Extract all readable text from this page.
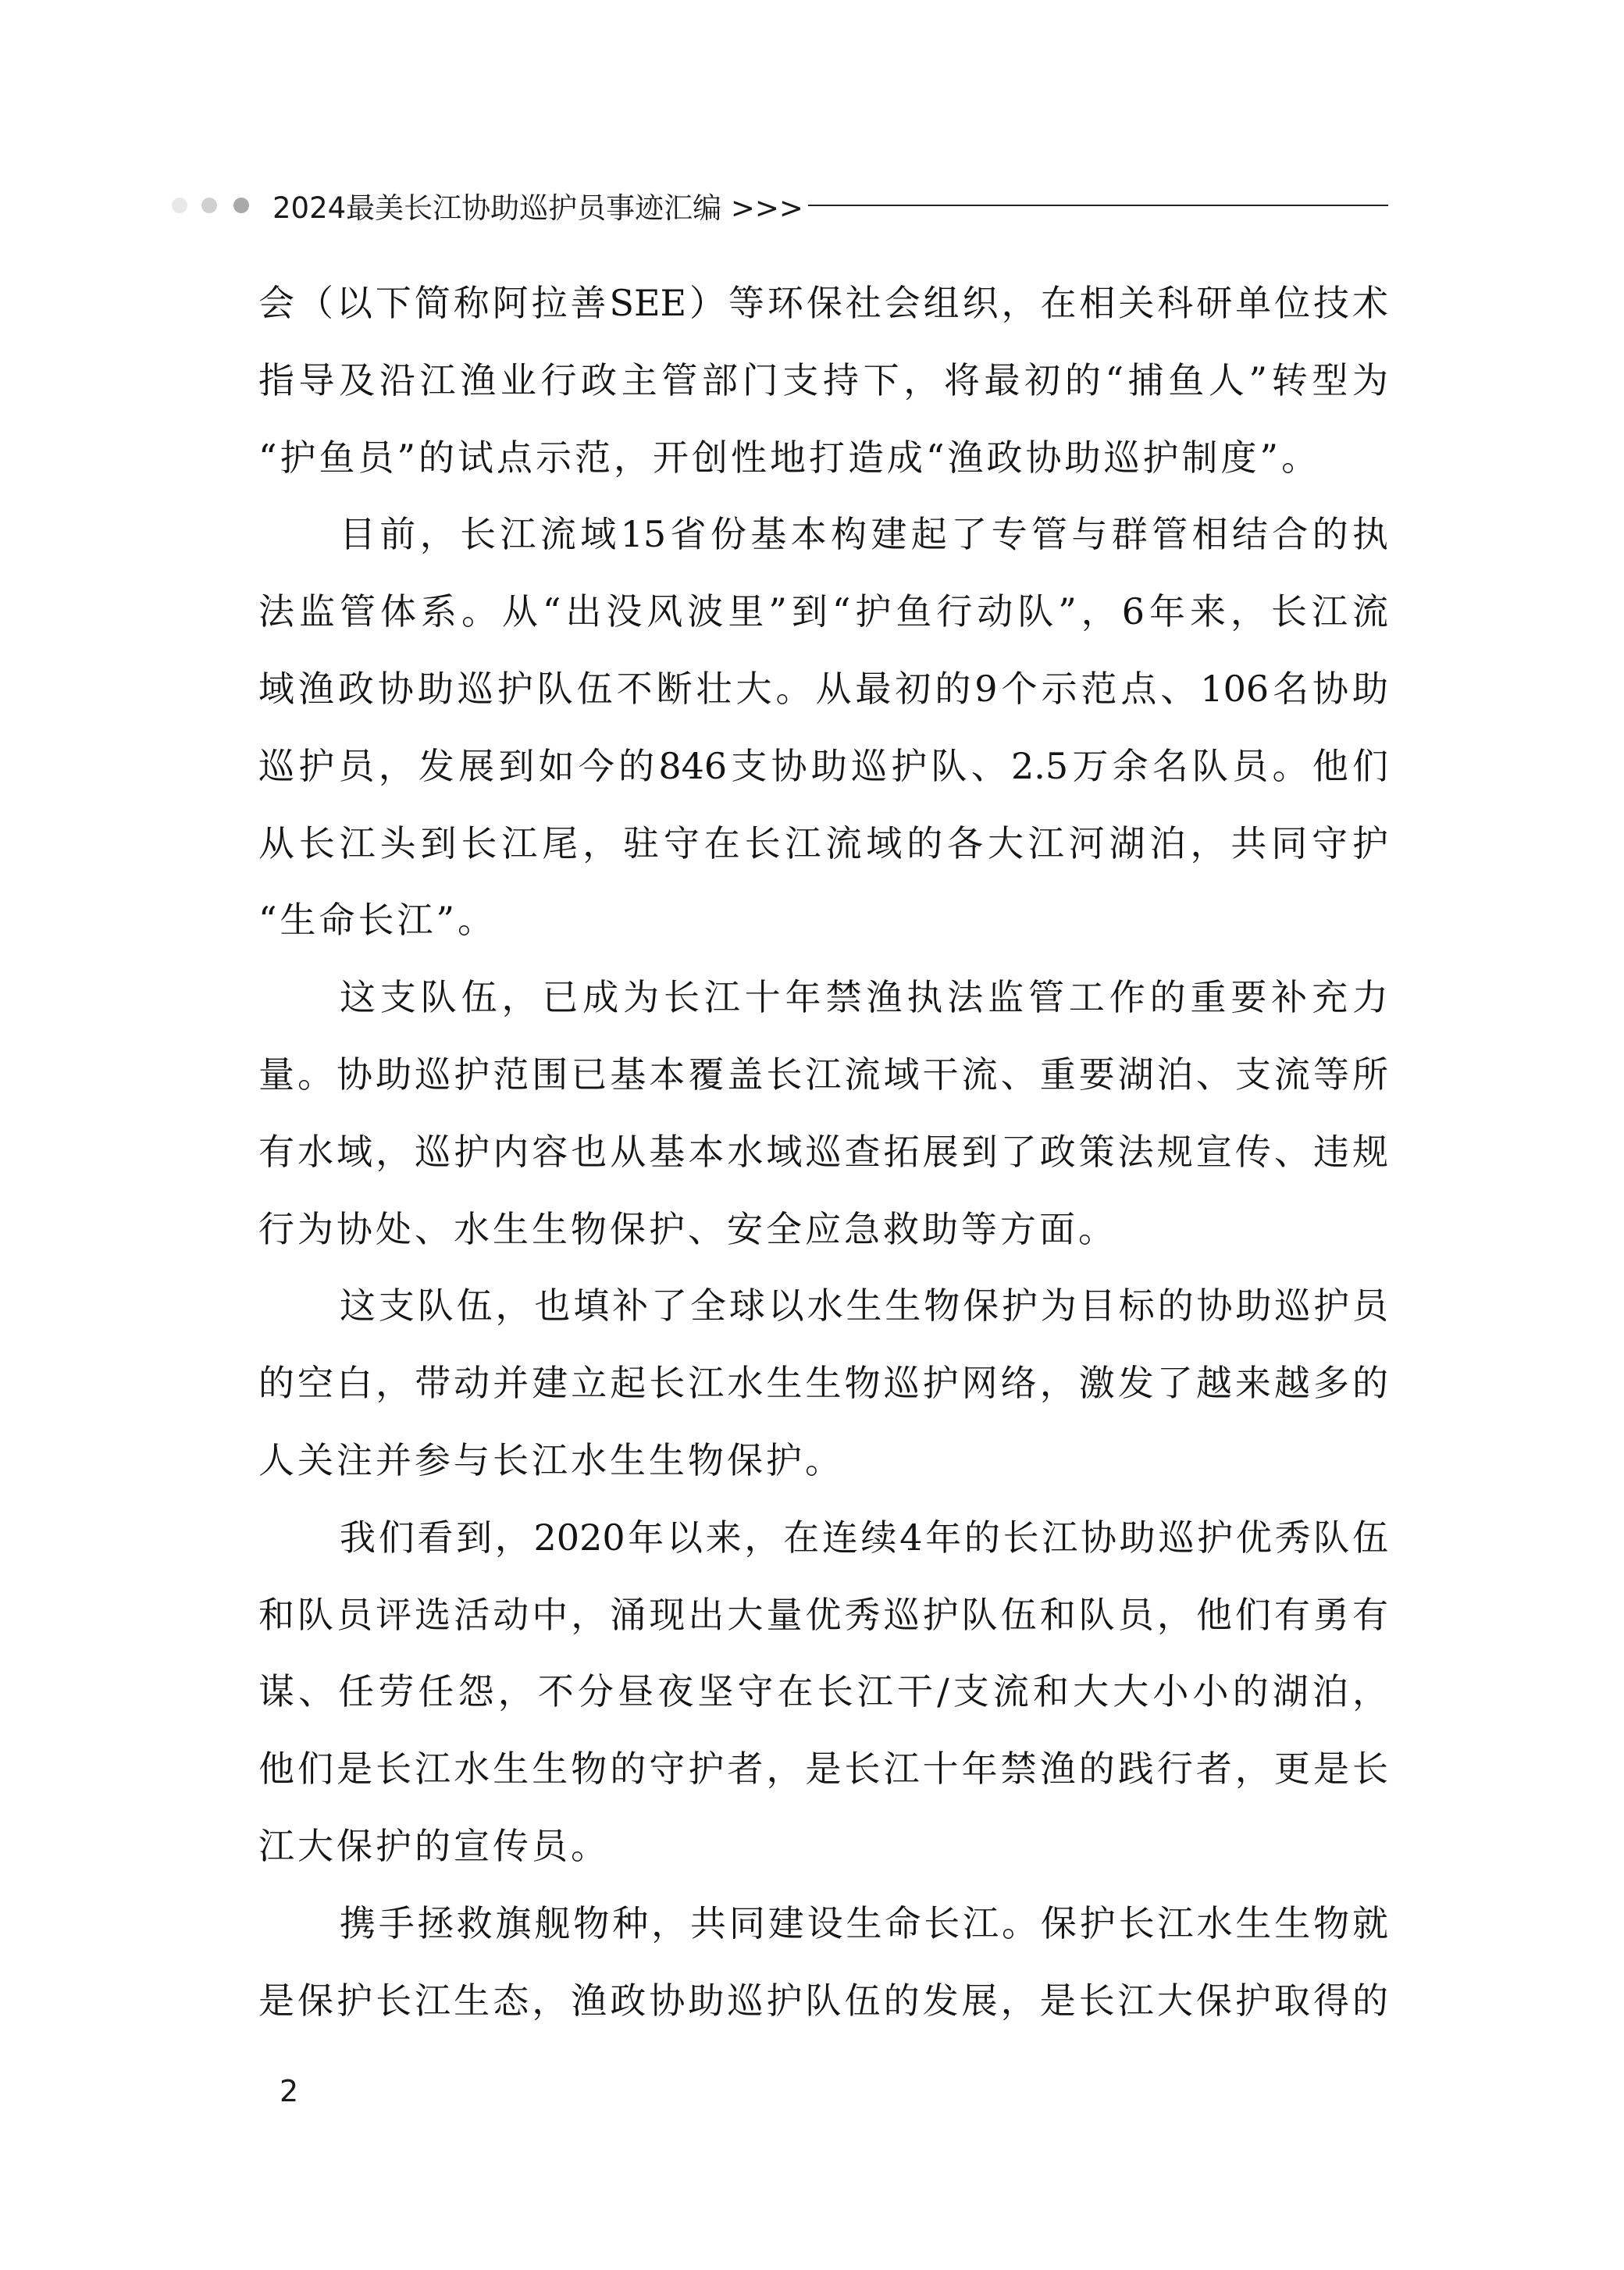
2024最美长江协助巡护员事迹汇编 >>>
会（以下简称阿拉善SEE）等环保社会组织，在相关科研单位技术
指导及沿江渔业行政主管部门支持下，将最初的“捕鱼人”转型为
“护鱼员”的试点示范，开创性地打造成“渔政协助巡护制度”。
目前，长江流域15省份基本构建起了专管与群管相结合的执
法监管体系。从“出没风波里”到“护鱼行动队”，6年来，长江流
域渔政协助巡护队伍不断壮大。从最初的9个示范点、106名协助
巡护员，发展到如今的846支协助巡护队、2.5万余名队员。他们
从长江头到长江尾，驻守在长江流域的各大江河湖泊，共同守护
“生命长江”。
这支队伍，已成为长江十年禁渔执法监管工作的重要补充力
量。协助巡护范围已基本覆盖长江流域干流、重要湖泊、支流等所
有水域，巡护内容也从基本水域巡查拓展到了政策法规宣传、违规
行为协处、水生生物保护、安全应急救助等方面。
这支队伍，也填补了全球以水生生物保护为目标的协助巡护员
的空白，带动并建立起长江水生生物巡护网络，激发了越来越多的
人关注并参与长江水生生物保护。
我们看到，2020年以来，在连续4年的长江协助巡护优秀队伍
和队员评选活动中，涌现出大量优秀巡护队伍和队员，他们有勇有
谋、任劳任怨，不分昼夜坚守在长江干/支流和大大小小的湖泊，
他们是长江水生生物的守护者，是长江十年禁渔的践行者，更是长
江大保护的宣传员。
携手拯救旗舰物种，共同建设生命长江。保护长江水生生物就
是保护长江生态，渔政协助巡护队伍的发展，是长江大保护取得的
2
